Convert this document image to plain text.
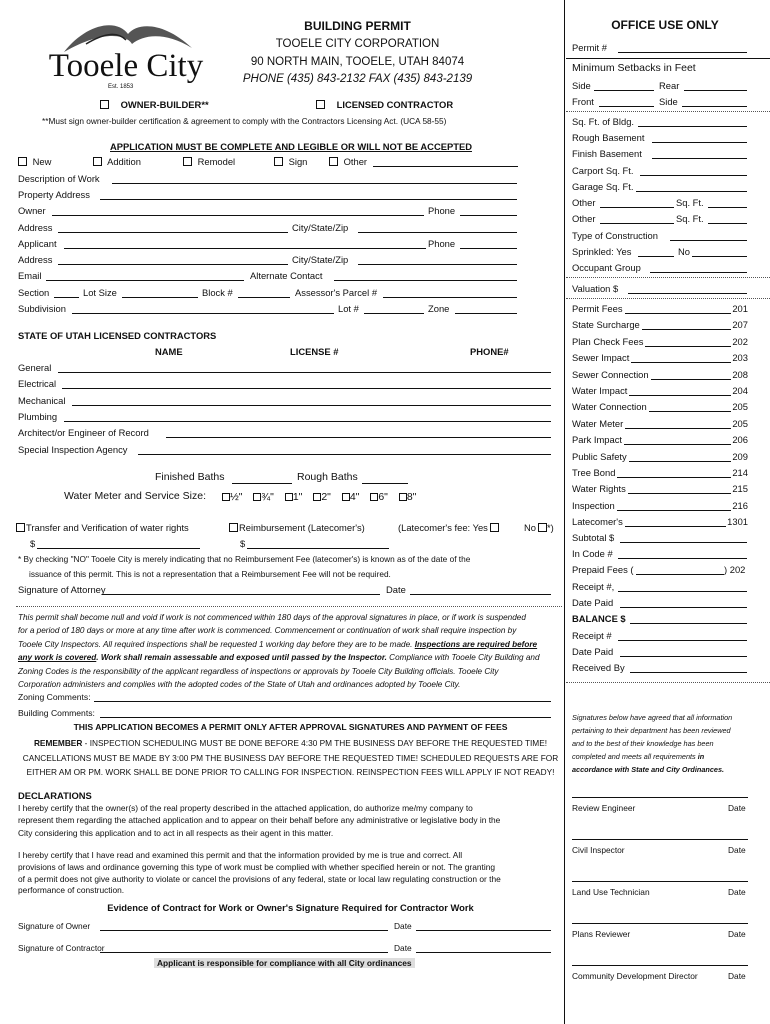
Tooele City
Est. 1853
BUILDING PERMIT
TOOELE CITY CORPORATION
90 NORTH MAIN, TOOELE, UTAH 84074
PHONE (435) 843-2132 FAX (435) 843-2139
OWNER-BUILDER**	LICENSED CONTRACTOR
**Must sign owner-builder certification & agreement to comply with the Contractors Licensing Act. (UCA 58-55)
APPLICATION MUST BE COMPLETE AND LEGIBLE OR WILL NOT BE ACCEPTED
New	Addition	Remodel	Sign	Other
Description of Work
Property Address
Owner	Phone
Address	City/State/Zip
Applicant	Phone
Address	City/State/Zip
Email	Alternate Contact
Section	Lot Size	Block #	Assessor's Parcel #
Subdivision	Lot #	Zone
STATE OF UTAH LICENSED CONTRACTORS
NAME	LICENSE #	PHONE#
General
Electrical
Mechanical
Plumbing
Architect/or Engineer of Record
Special Inspection Agency
Finished Baths	Rough Baths
Water Meter and Service Size:	½" ¾" 1" 2" 4" 6" 8"
Transfer and Verification of water rights	Reimbursement (Latecomer's)	(Latecomer's fee: Yes	No *)
$	$
* By checking "NO" Tooele City is merely indicating that no Reimbursement Fee (latecomer's) is known as of the date of the
issuance of this permit. This is not a representation that a Reimbursement Fee will not be required.
Signature of Attorney	Date
This permit shall become null and void if work is not commenced within 180 days of the approval signatures in place, or if work is suspended
for a period of 180 days or more at any time after work is commenced. Commencement or continuation of work shall require inspection by
Tooele City Inspectors. All required inspections shall be requested 1 working day before they are to be made. Inspections are required before
any work is covered. Work shall remain assessable and exposed until passed by the Inspector. Compliance with Tooele City Building and
Zoning Codes is the responsibility of the applicant regardless of inspections or approvals by Tooele City Building officials. Tooele City
Corporation administers and complies with the adopted codes of the State of Utah and ordinances adopted by Tooele City.
Zoning Comments:
Building Comments:
THIS APPLICATION BECOMES A PERMIT ONLY AFTER APPROVAL SIGNATURES AND PAYMENT OF FEES
REMEMBER - INSPECTION SCHEDULING MUST BE DONE BEFORE 4:30 PM THE BUSINESS DAY BEFORE THE REQUESTED TIME!
CANCELLATIONS MUST BE MADE BY 3:00 PM THE BUSINESS DAY BEFORE THE REQUESTED TIME! SCHEDULED REQUESTS ARE FOR
EITHER AM OR PM. WORK SHALL BE DONE PRIOR TO CALLING FOR INSPECTION. REINSPECTION FEES WILL APPLY IF NOT READY!
DECLARATIONS
I hereby certify that the owner(s) of the real property described in the attached application, do authorize me/my company to
represent them regarding the attached application and to appear on their behalf before any administrative or legislative body in the
City considering this application and to act in all respects as their agent in this matter.
I hereby certify that I have read and examined this permit and that the information provided by me is true and correct. All
provisions of laws and ordinance governing this type of work must be complied with whether specified herein or not. The granting
of a permit does not give authority to violate or cancel the provisions of any federal, state or local law regulating construction or the
performance of construction.
Evidence of Contract for Work or Owner's Signature Required for Contractor Work
Signature of Owner	Date
Signature of Contractor	Date
Applicant is responsible for compliance with all City ordinances
OFFICE USE ONLY
Permit #
Minimum Setbacks in Feet
Side	Rear
Front	Side
Sq. Ft. of Bldg.
Rough Basement
Finish Basement
Carport Sq. Ft.
Garage Sq. Ft.
Other	Sq. Ft.
Other	Sq. Ft.
Type of Construction
Sprinkled: Yes	No
Occupant Group
Valuation $
Permit Fees	201
State Surcharge	207
Plan Check Fees	202
Sewer Impact	203
Sewer Connection	208
Water Impact	204
Water Connection	205
Water Meter	205
Park Impact	206
Public Safety	209
Tree Bond	214
Water Rights	215
Inspection	216
Latecomer's	1301
Subtotal $
In Code #
Prepaid Fees (	) 202
Receipt #,
Date Paid
BALANCE $
Receipt #
Date Paid
Received By
Signatures below have agreed that all information
pertaining to their department has been reviewed
and to the best of their knowledge has been
completed and meets all requirements in
accordance with State and City Ordinances.
Review Engineer	Date
Civil Inspector	Date
Land Use Technician	Date
Plans Reviewer	Date
Community Development Director	Date
